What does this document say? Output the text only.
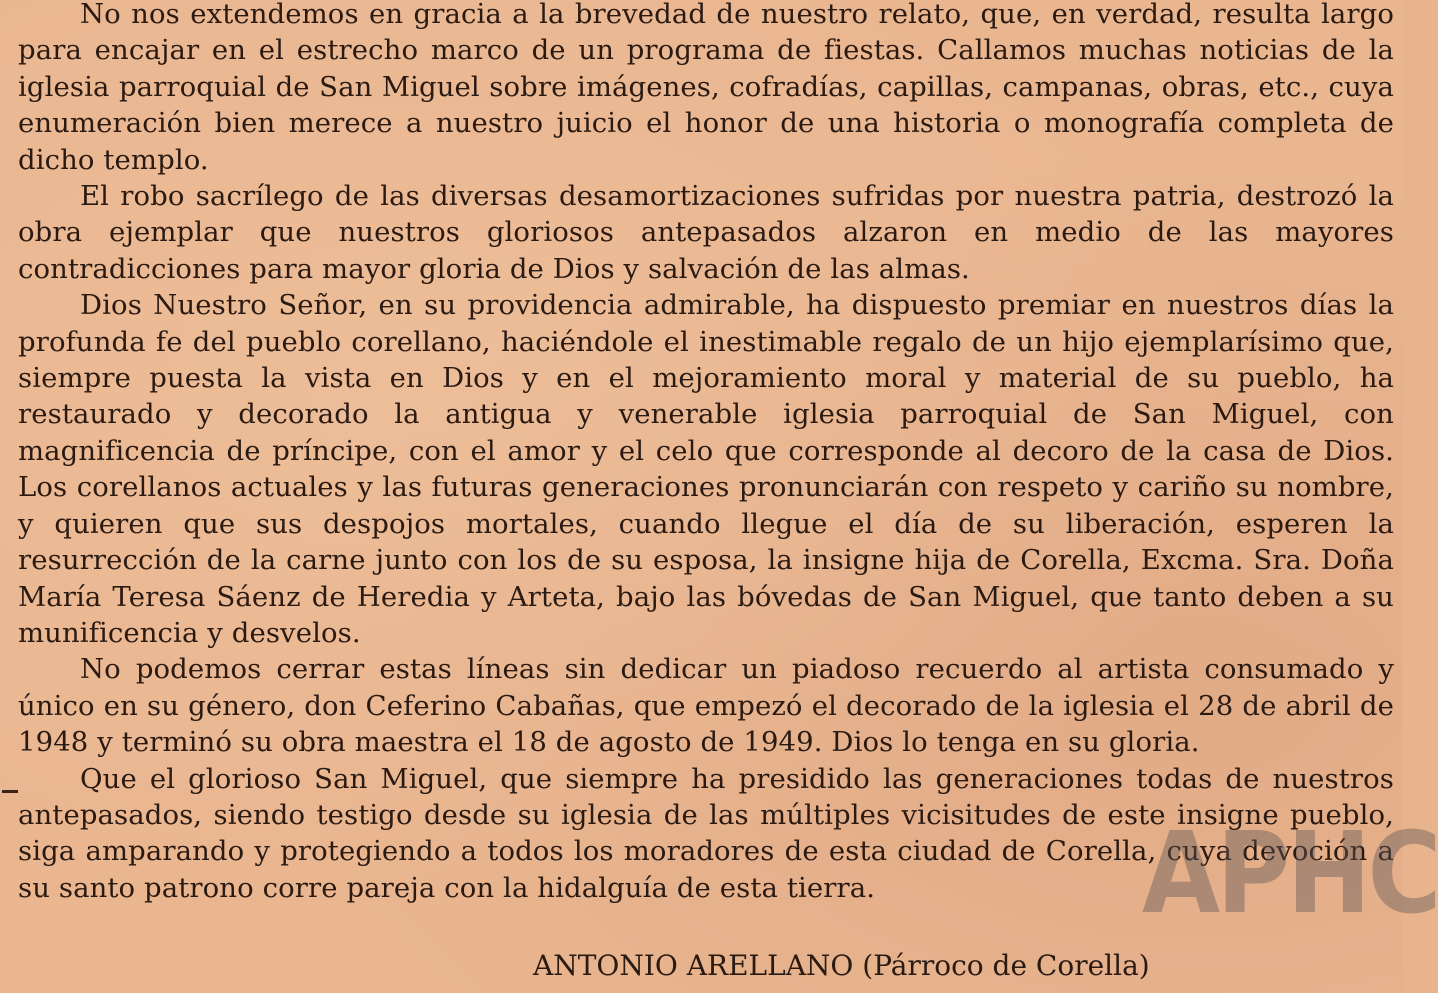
No nos extendemos en gracia a la brevedad de nuestro relato, que, en verdad, resulta largo para encajar en el estrecho marco de un programa de fiestas. Callamos muchas noticias de la iglesia parroquial de San Miguel sobre imágenes, cofradías, capillas, campanas, obras, etc., cuya enumeración bien merece a nuestro juicio el honor de una historia o monografía completa de dicho templo.

El robo sacrílego de las diversas desamortizaciones sufridas por nuestra patria, destrozó la obra ejemplar que nuestros gloriosos antepasados alzaron en medio de las mayores contradicciones para mayor gloria de Dios y salvación de las almas.

Dios Nuestro Señor, en su providencia admirable, ha dispuesto premiar en nuestros días la profunda fe del pueblo corellano, haciéndole el inestimable regalo de un hijo ejemplarísimo que, siempre puesta la vista en Dios y en el mejoramiento moral y material de su pueblo, ha restaurado y decorado la antigua y venerable iglesia parroquial de San Miguel, con magnificencia de príncipe, con el amor y el celo que corresponde al decoro de la casa de Dios. Los corellanos actuales y las futuras generaciones pronunciarán con respeto y cariño su nombre, y quieren que sus despojos mortales, cuando llegue el día de su liberación, esperen la resurrección de la carne junto con los de su esposa, la insigne hija de Corella, Excma. Sra. Doña María Teresa Sáenz de Heredia y Arteta, bajo las bóvedas de San Miguel, que tanto deben a su munificencia y desvelos.

No podemos cerrar estas líneas sin dedicar un piadoso recuerdo al artista consumado y único en su género, don Ceferino Cabañas, que empezó el decorado de la iglesia el 28 de abril de 1948 y terminó su obra maestra el 18 de agosto de 1949. Dios lo tenga en su gloria.

Que el glorioso San Miguel, que siempre ha presidido las generaciones todas de nuestros antepasados, siendo testigo desde su iglesia de las múltiples vicisitudes de este insigne pueblo, siga amparando y protegiendo a todos los moradores de esta ciudad de Corella, cuya devoción a su santo patrono corre pareja con la hidalguía de esta tierra.

ANTONIO ARELLANO (Párroco de Corella)
APHC
